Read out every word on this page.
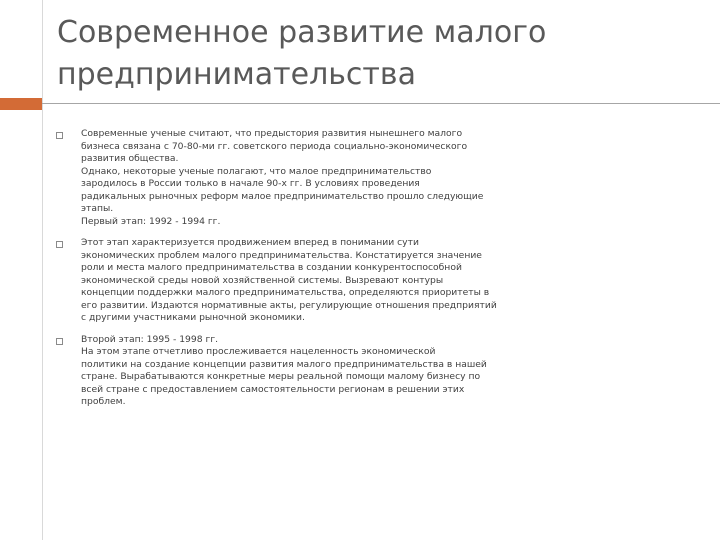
Современное развитие малого предпринимательства
Современные ученые считают, что предыстория развития нынешнего малого
бизнеса связана с 70-80-ми гг. советского периода социально-экономического
развития общества.
Однако, некоторые ученые полагают, что малое предпринимательство
зародилось в России только в начале 90-х гг. В условиях проведения
радикальных рыночных реформ малое предпринимательство прошло следующие
этапы.
Первый этап: 1992 - 1994 гг.
Этот этап характеризуется продвижением вперед в понимании сути
экономических проблем малого предпринимательства. Констатируется значение
роли и места малого предпринимательства в создании конкурентоспособной
экономической среды новой хозяйственной системы. Вызревают контуры
концепции поддержки малого предпринимательства, определяются приоритеты в
его развитии. Издаются нормативные акты, регулирующие отношения предприятий
с другими участниками рыночной экономики.
Второй этап: 1995 - 1998 гг.
На этом этапе отчетливо прослеживается нацеленность экономической
политики на создание концепции развития малого предпринимательства в нашей
стране. Вырабатываются конкретные меры реальной помощи малому бизнесу по
всей стране с предоставлением самостоятельности регионам в решении этих
проблем.
